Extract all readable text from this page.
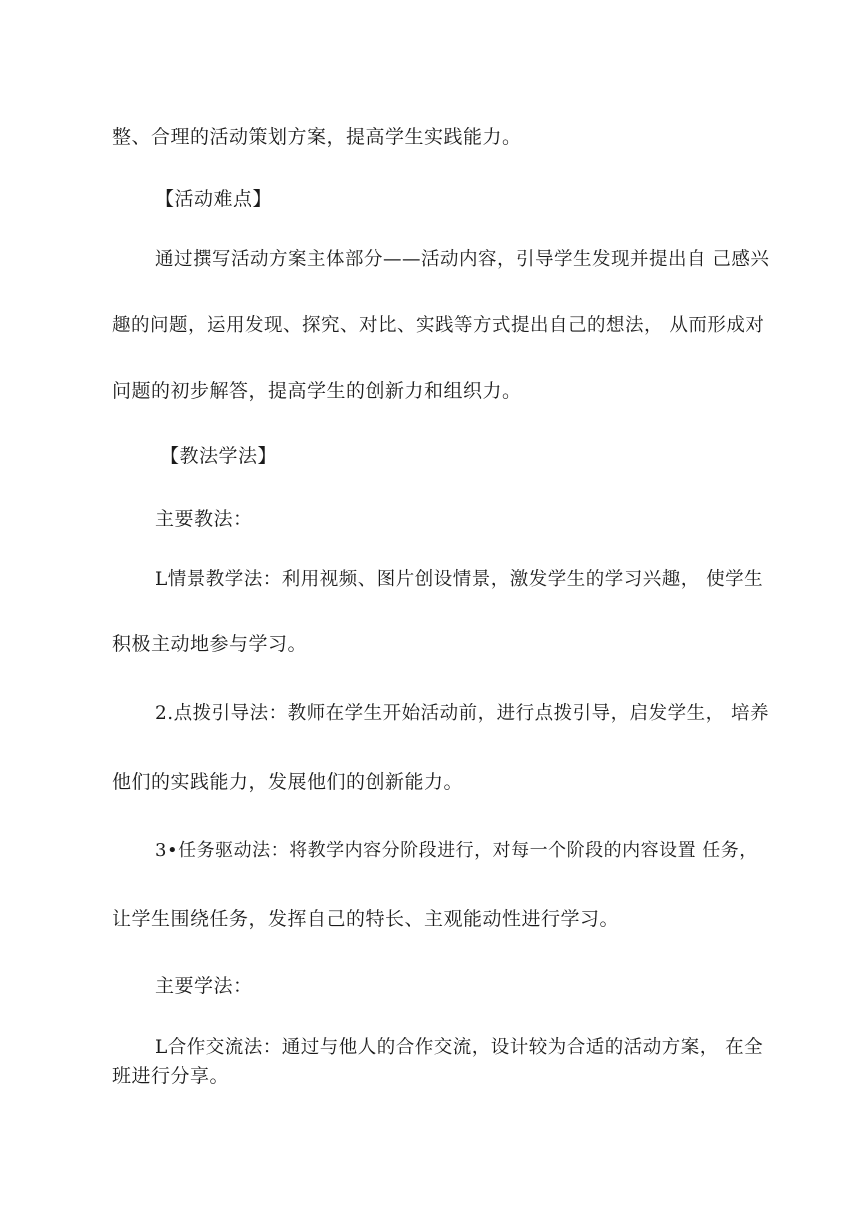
整、合理的活动策划方案，提高学生实践能力。
【活动难点】
通过撰写活动方案主体部分——活动内容，引导学生发现并提出自 己感兴
趣的问题，运用发现、探究、对比、实践等方式提出自己的想法， 从而形成对
问题的初步解答，提高学生的创新力和组织力。
【教法学法】
主要教法：
L情景教学法：利用视频、图片创设情景，激发学生的学习兴趣， 使学生
积极主动地参与学习。
2.点拨引导法：教师在学生开始活动前，进行点拨引导，启发学生， 培养
他们的实践能力，发展他们的创新能力。
3•任务驱动法：将教学内容分阶段进行，对每一个阶段的内容设置 任务，
让学生围绕任务，发挥自己的特长、主观能动性进行学习。
主要学法：
L合作交流法：通过与他人的合作交流，设计较为合适的活动方案， 在全
班进行分享。
